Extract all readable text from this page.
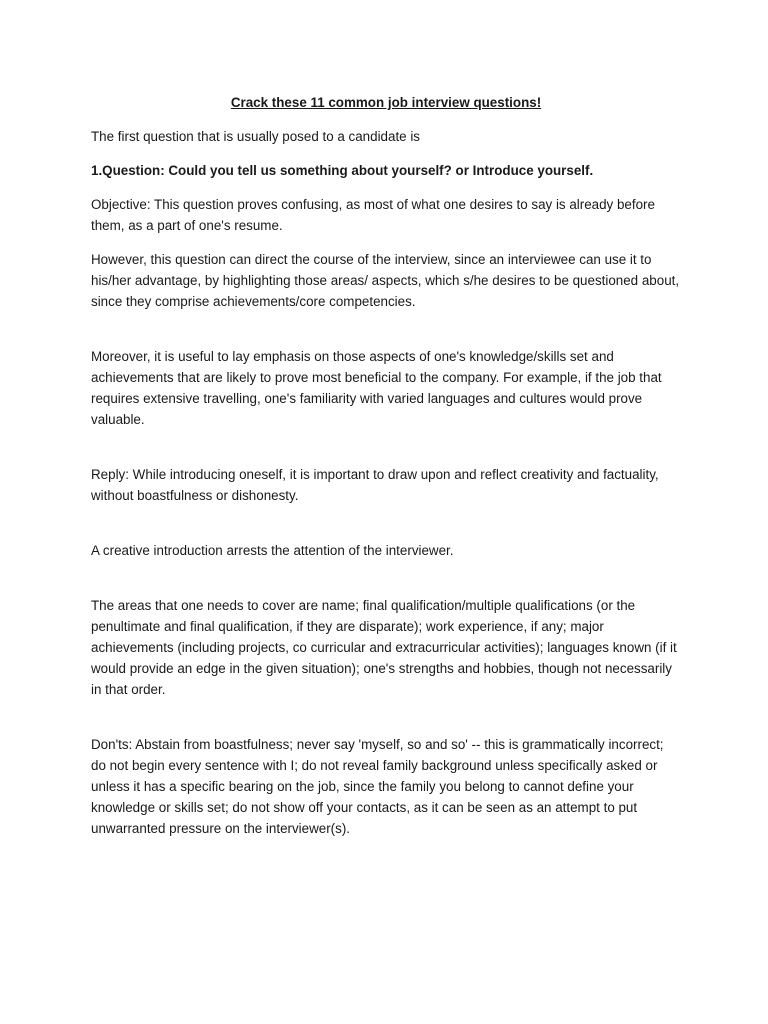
Crack these 11 common job interview questions!

The first question that is usually posed to a candidate is

1.Question: Could you tell us something about yourself? or Introduce yourself.

Objective: This question proves confusing, as most of what one desires to say is already before them, as a part of one's resume.

However, this question can direct the course of the interview, since an interviewee can use it to his/her advantage, by highlighting those areas/ aspects, which s/he desires to be questioned about, since they comprise achievements/core competencies.

Moreover, it is useful to lay emphasis on those aspects of one's knowledge/skills set and achievements that are likely to prove most beneficial to the company. For example, if the job that requires extensive travelling, one's familiarity with varied languages and cultures would prove valuable.

Reply: While introducing oneself, it is important to draw upon and reflect creativity and factuality, without boastfulness or dishonesty.

A creative introduction arrests the attention of the interviewer.

The areas that one needs to cover are name; final qualification/multiple qualifications (or the penultimate and final qualification, if they are disparate); work experience, if any; major achievements (including projects, co curricular and extracurricular activities); languages known (if it would provide an edge in the given situation); one's strengths and hobbies, though not necessarily in that order.

Don'ts: Abstain from boastfulness; never say 'myself, so and so' -- this is grammatically incorrect; do not begin every sentence with I; do not reveal family background unless specifically asked or unless it has a specific bearing on the job, since the family you belong to cannot define your knowledge or skills set; do not show off your contacts, as it can be seen as an attempt to put unwarranted pressure on the interviewer(s).
